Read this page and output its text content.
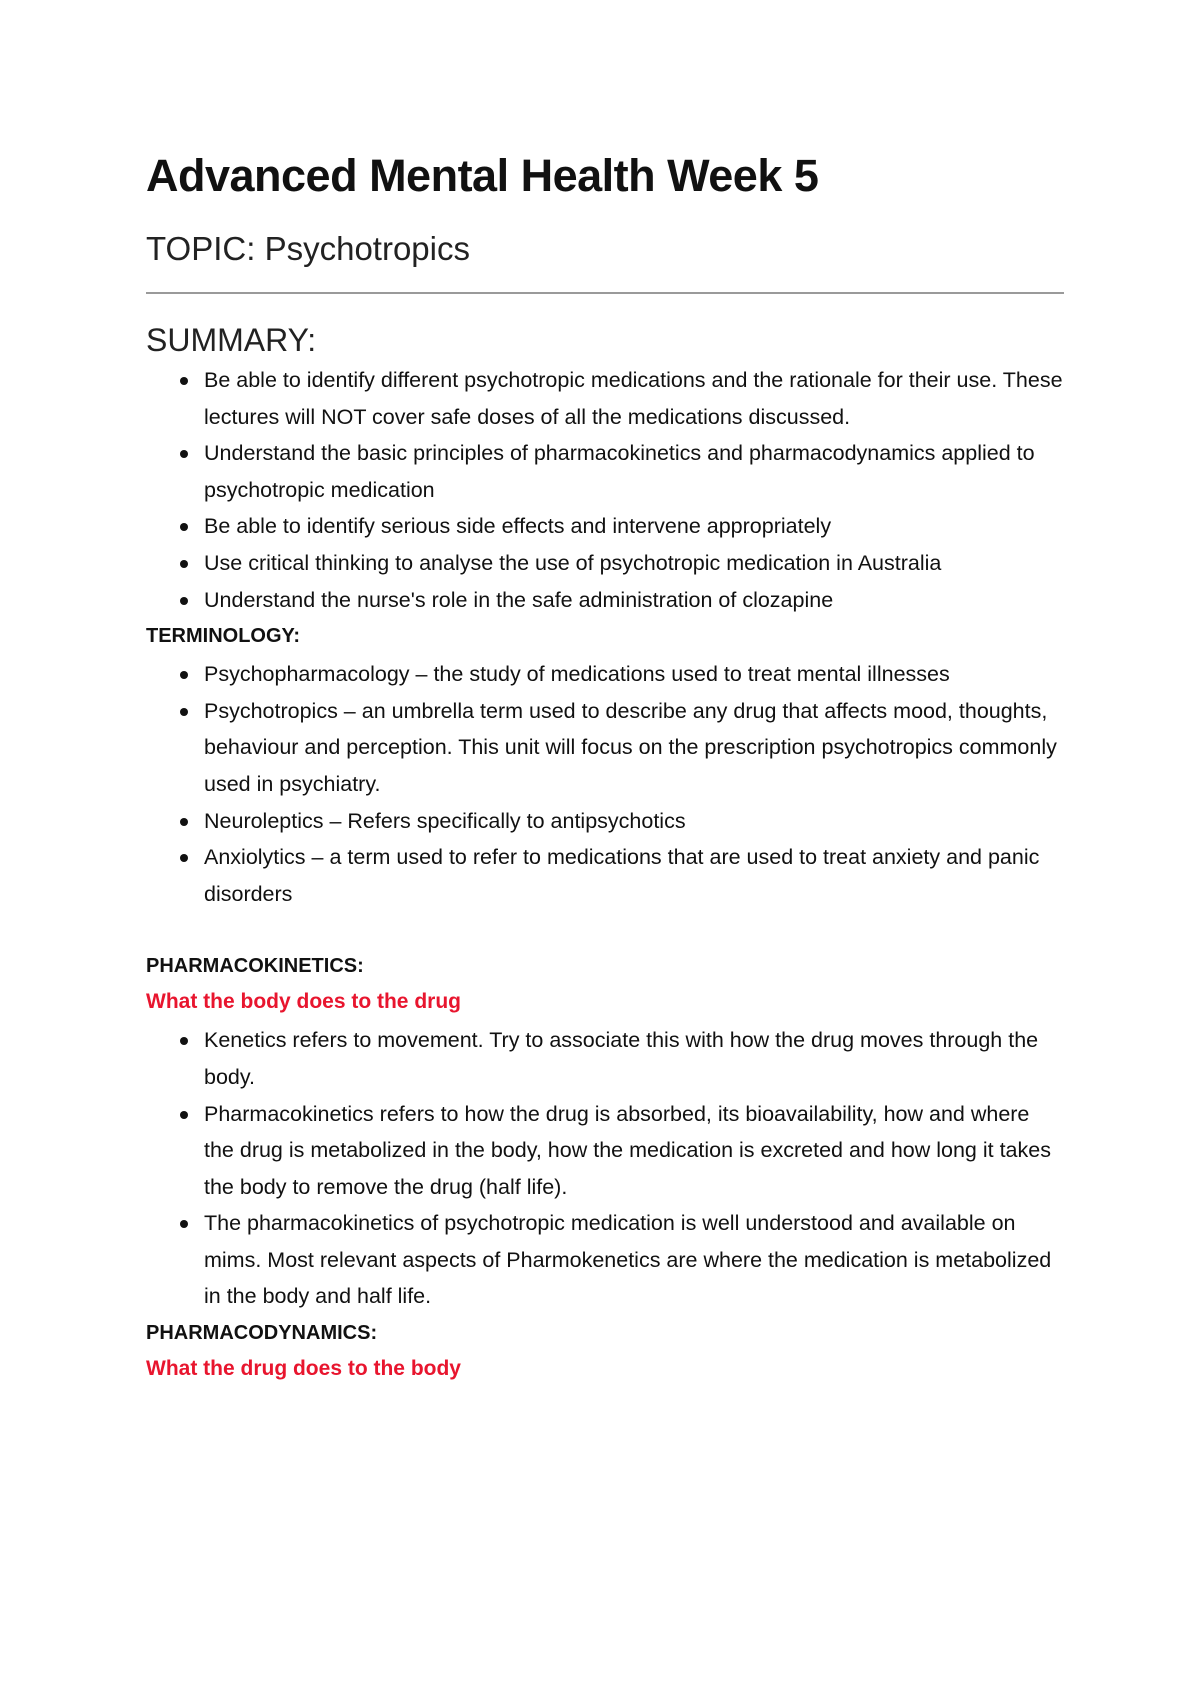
Advanced Mental Health Week 5
TOPIC: Psychotropics
SUMMARY:
Be able to identify different psychotropic medications and the rationale for their use. These lectures will NOT cover safe doses of all the medications discussed.
Understand the basic principles of pharmacokinetics and pharmacodynamics applied to psychotropic medication
Be able to identify serious side effects and intervene appropriately
Use critical thinking to analyse the use of psychotropic medication in Australia
Understand the nurse's role in the safe administration of clozapine

TERMINOLOGY:

Psychopharmacology – the study of medications used to treat mental illnesses
Psychotropics – an umbrella term used to describe any drug that affects mood, thoughts, behaviour and perception. This unit will focus on the prescription psychotropics commonly used in psychiatry.
Neuroleptics – Refers specifically to antipsychotics
Anxiolytics – a term used to refer to medications that are used to treat anxiety and panic disorders

PHARMACOKINETICS:

What the body does to the drug

Kenetics refers to movement. Try to associate this with how the drug moves through the body.
Pharmacokinetics refers to how the drug is absorbed, its bioavailability, how and where the drug is metabolized in the body, how the medication is excreted and how long it takes the body to remove the drug (half life).
The pharmacokinetics of psychotropic medication is well understood and available on mims. Most relevant aspects of Pharmokenetics are where the medication is metabolized in the body and half life.

PHARMACODYNAMICS:

What the drug does to the body
